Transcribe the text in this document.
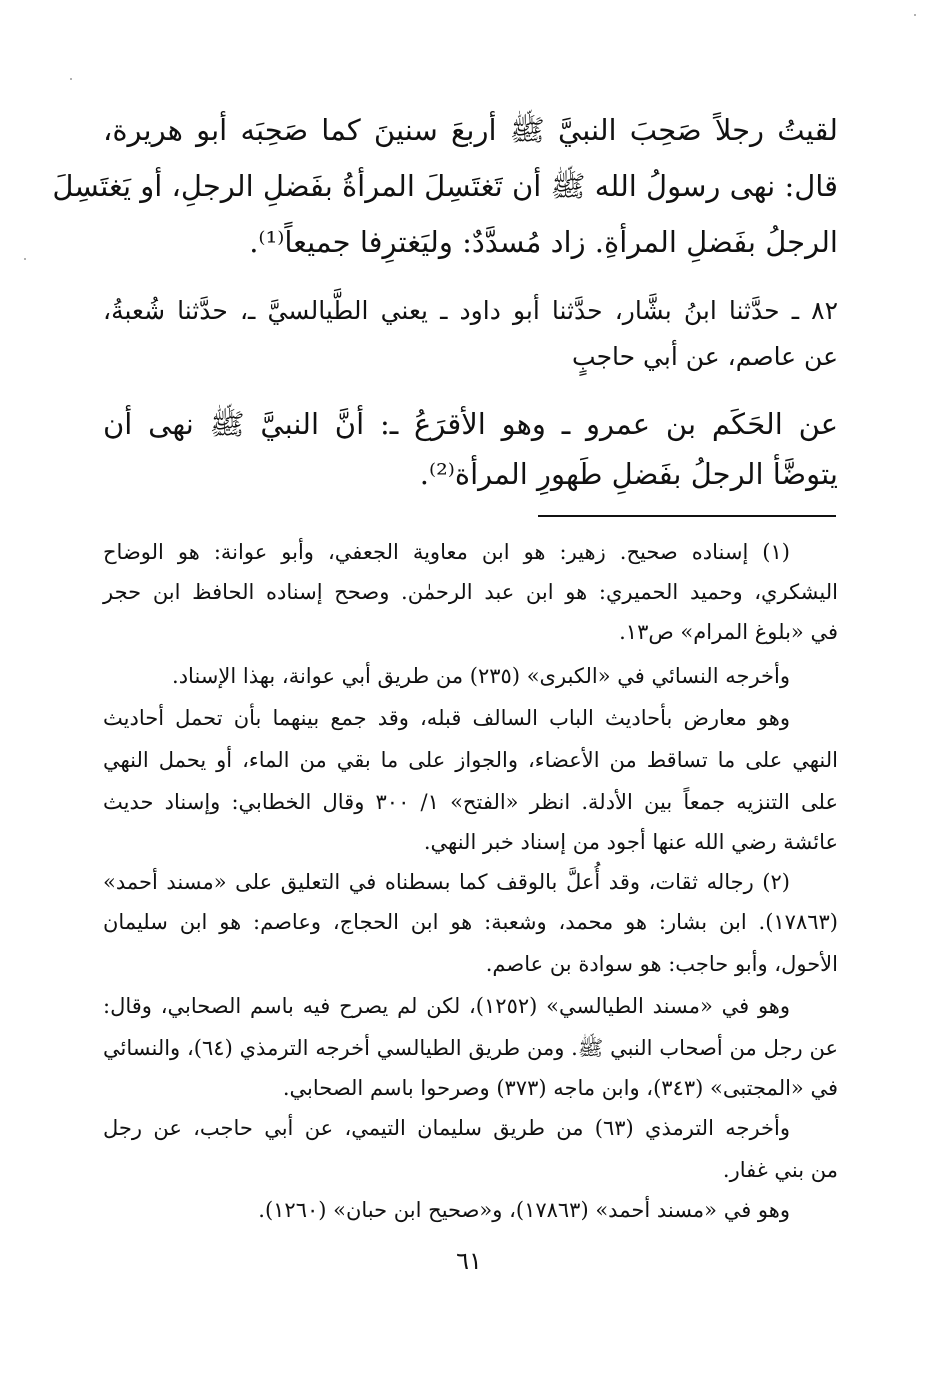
لقيتُ رجلاً صَحِبَ النبيَّ ﷺ أربعَ سنينَ كما صَحِبَه أبو هريرة،
قال: نهى رسولُ الله ﷺ أن تَغتَسِلَ المرأةُ بفَضلِ الرجلِ، أو يَغتَسِلَ
الرجلُ بفَضلِ المرأةِ. زاد مُسدَّدٌ: وليَغترِفا جميعاً⁽¹⁾.
٨٢ ـ حدَّثنا ابنُ بشَّار، حدَّثنا أبو داود ـ يعني الطَّيالسيَّ ـ، حدَّثنا شُعبةُ،
عن عاصم، عن أبي حاجبٍ
عن الحَكَم بن عمرو ـ وهو الأقرَعُ ـ: أنَّ النبيَّ ﷺ نهى أن
يتوضَّأ الرجلُ بفَضلِ طَهورِ المرأة⁽²⁾.
(١) إسناده صحيح. زهير: هو ابن معاوية الجعفي، وأبو عوانة: هو الوضاح
اليشكري، وحميد الحميري: هو ابن عبد الرحمٰن. وصحح إسناده الحافظ ابن حجر
في «بلوغ المرام» ص١٣.
وأخرجه النسائي في «الكبرى» (٢٣٥) من طريق أبي عوانة، بهذا الإسناد.
وهو معارض بأحاديث الباب السالف قبله، وقد جمع بينهما بأن تحمل أحاديث
النهي على ما تساقط من الأعضاء، والجواز على ما بقي من الماء، أو يحمل النهي
على التنزيه جمعاً بين الأدلة. انظر «الفتح» ١/ ٣٠٠ وقال الخطابي: وإسناد حديث
عائشة رضي الله عنها أجود من إسناد خبر النهي.
(٢) رجاله ثقات، وقد أُعلَّ بالوقف كما بسطناه في التعليق على «مسند أحمد»
(١٧٨٦٣). ابن بشار: هو محمد، وشعبة: هو ابن الحجاج، وعاصم: هو ابن سليمان
الأحول، وأبو حاجب: هو سوادة بن عاصم.
وهو في «مسند الطيالسي» (١٢٥٢)، لكن لم يصرح فيه باسم الصحابي، وقال:
عن رجل من أصحاب النبي ﷺ. ومن طريق الطيالسي أخرجه الترمذي (٦٤)، والنسائي
في «المجتبى» (٣٤٣)، وابن ماجه (٣٧٣) وصرحوا باسم الصحابي.
وأخرجه الترمذي (٦٣) من طريق سليمان التيمي، عن أبي حاجب، عن رجل
من بني غفار.
وهو في «مسند أحمد» (١٧٨٦٣)، و«صحيح ابن حبان» (١٢٦٠).
٦١
